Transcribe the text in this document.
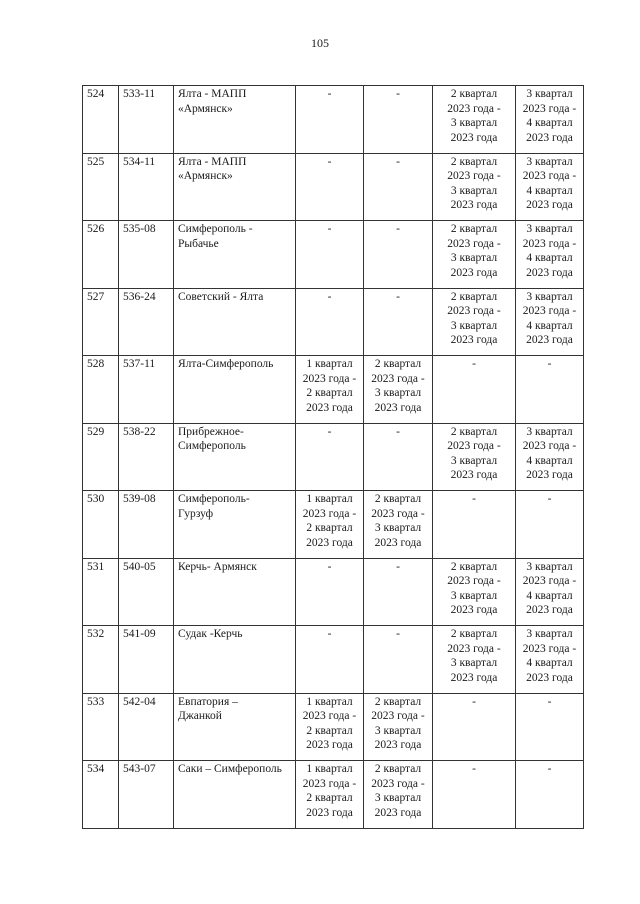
105
524	533-11	Ялта - МАПП
«Армянск»	-	-	2 квартал
2023 года -
3 квартал
2023 года	3 квартал
2023 года -
4 квартал
2023 года

525	534-11	Ялта - МАПП
«Армянск»	-	-	2 квартал
2023 года -
3 квартал
2023 года	3 квартал
2023 года -
4 квартал
2023 года

526	535-08	Симферополь -
Рыбачье	-	-	2 квартал
2023 года -
3 квартал
2023 года	3 квартал
2023 года -
4 квартал
2023 года

527	536-24	Советский - Ялта	-	-	2 квартал
2023 года -
3 квартал
2023 года	3 квартал
2023 года -
4 квартал
2023 года

528	537-11	Ялта-Симферополь	1 квартал
2023 года -
2 квартал
2023 года	2 квартал
2023 года -
3 квартал
2023 года	-	-

529	538-22	Прибрежное-
Симферополь	-	-	2 квартал
2023 года -
3 квартал
2023 года	3 квартал
2023 года -
4 квартал
2023 года

530	539-08	Симферополь-
Гурзуф	1 квартал
2023 года -
2 квартал
2023 года	2 квартал
2023 года -
3 квартал
2023 года	-	-

531	540-05	Керчь- Армянск	-	-	2 квартал
2023 года -
3 квартал
2023 года	3 квартал
2023 года -
4 квартал
2023 года

532	541-09	Судак -Керчь	-	-	2 квартал
2023 года -
3 квартал
2023 года	3 квартал
2023 года -
4 квартал
2023 года

533	542-04	Евпатория –
Джанкой	1 квартал
2023 года -
2 квартал
2023 года	2 квартал
2023 года -
3 квартал
2023 года	-	-

534	543-07	Саки – Симферополь	1 квартал
2023 года -
2 квартал
2023 года	2 квартал
2023 года -
3 квартал
2023 года	-	-
